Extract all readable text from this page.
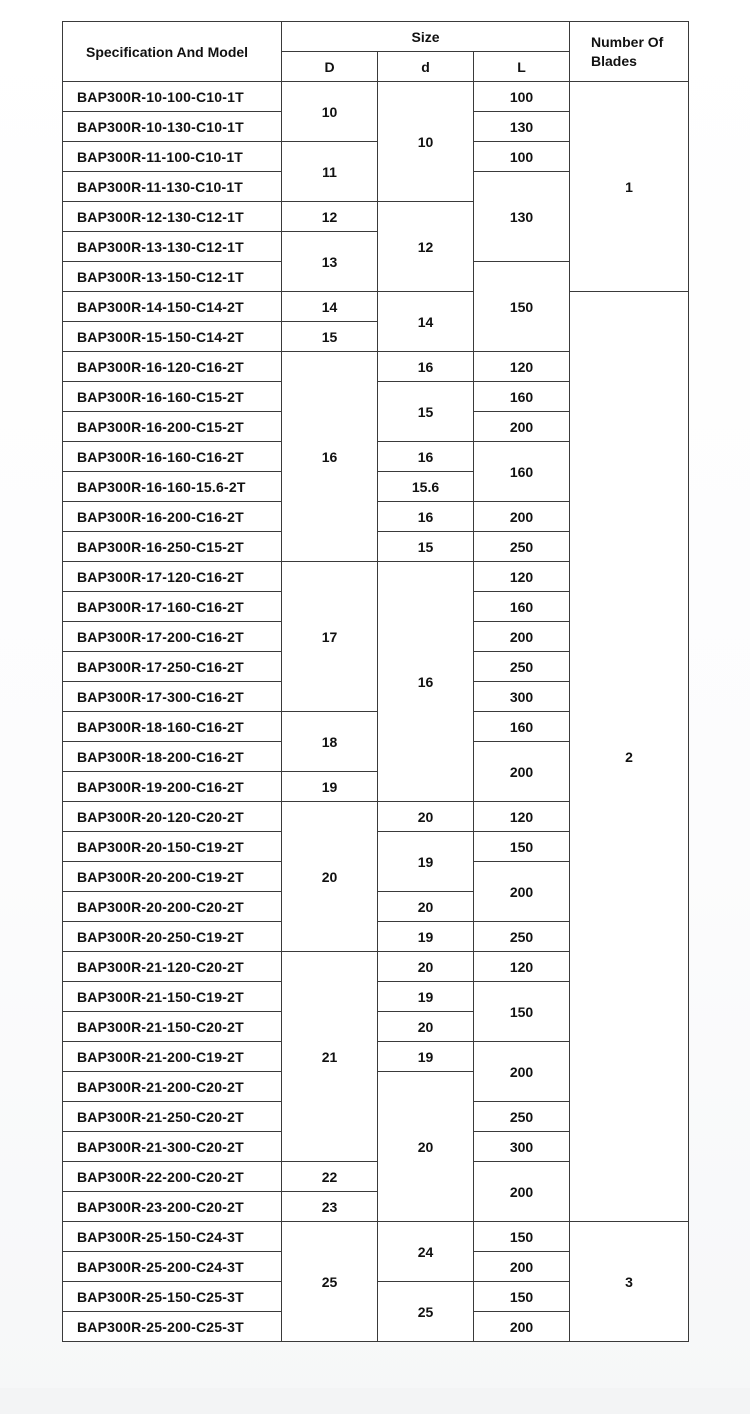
Specification And Model	Size			Number Of Blades
	D	d	L	
BAP300R-10-100-C10-1T	10	10	100	1
BAP300R-10-130-C10-1T			130	
BAP300R-11-100-C10-1T	11		100	
BAP300R-11-130-C10-1T			130	
BAP300R-12-130-C12-1T	12	12		
BAP300R-13-130-C12-1T	13			
BAP300R-13-150-C12-1T			150	
BAP300R-14-150-C14-2T	14	14		2
BAP300R-15-150-C14-2T	15			
BAP300R-16-120-C16-2T	16	16	120	
BAP300R-16-160-C15-2T		15	160	
BAP300R-16-200-C15-2T			200	
BAP300R-16-160-C16-2T		16	160	
BAP300R-16-160-15.6-2T		15.6		
BAP300R-16-200-C16-2T		16	200	
BAP300R-16-250-C15-2T		15	250	
BAP300R-17-120-C16-2T	17	16	120	
BAP300R-17-160-C16-2T			160	
BAP300R-17-200-C16-2T			200	
BAP300R-17-250-C16-2T			250	
BAP300R-17-300-C16-2T			300	
BAP300R-18-160-C16-2T	18		160	
BAP300R-18-200-C16-2T			200	
BAP300R-19-200-C16-2T	19			
BAP300R-20-120-C20-2T	20	20	120	
BAP300R-20-150-C19-2T		19	150	
BAP300R-20-200-C19-2T			200	
BAP300R-20-200-C20-2T		20		
BAP300R-20-250-C19-2T		19	250	
BAP300R-21-120-C20-2T	21	20	120	
BAP300R-21-150-C19-2T		19	150	
BAP300R-21-150-C20-2T		20		
BAP300R-21-200-C19-2T		19	200	
BAP300R-21-200-C20-2T		20		
BAP300R-21-250-C20-2T			250	
BAP300R-21-300-C20-2T			300	
BAP300R-22-200-C20-2T	22		200	
BAP300R-23-200-C20-2T	23			
BAP300R-25-150-C24-3T	25	24	150	3
BAP300R-25-200-C24-3T			200	
BAP300R-25-150-C25-3T		25	150	
BAP300R-25-200-C25-3T			200	
